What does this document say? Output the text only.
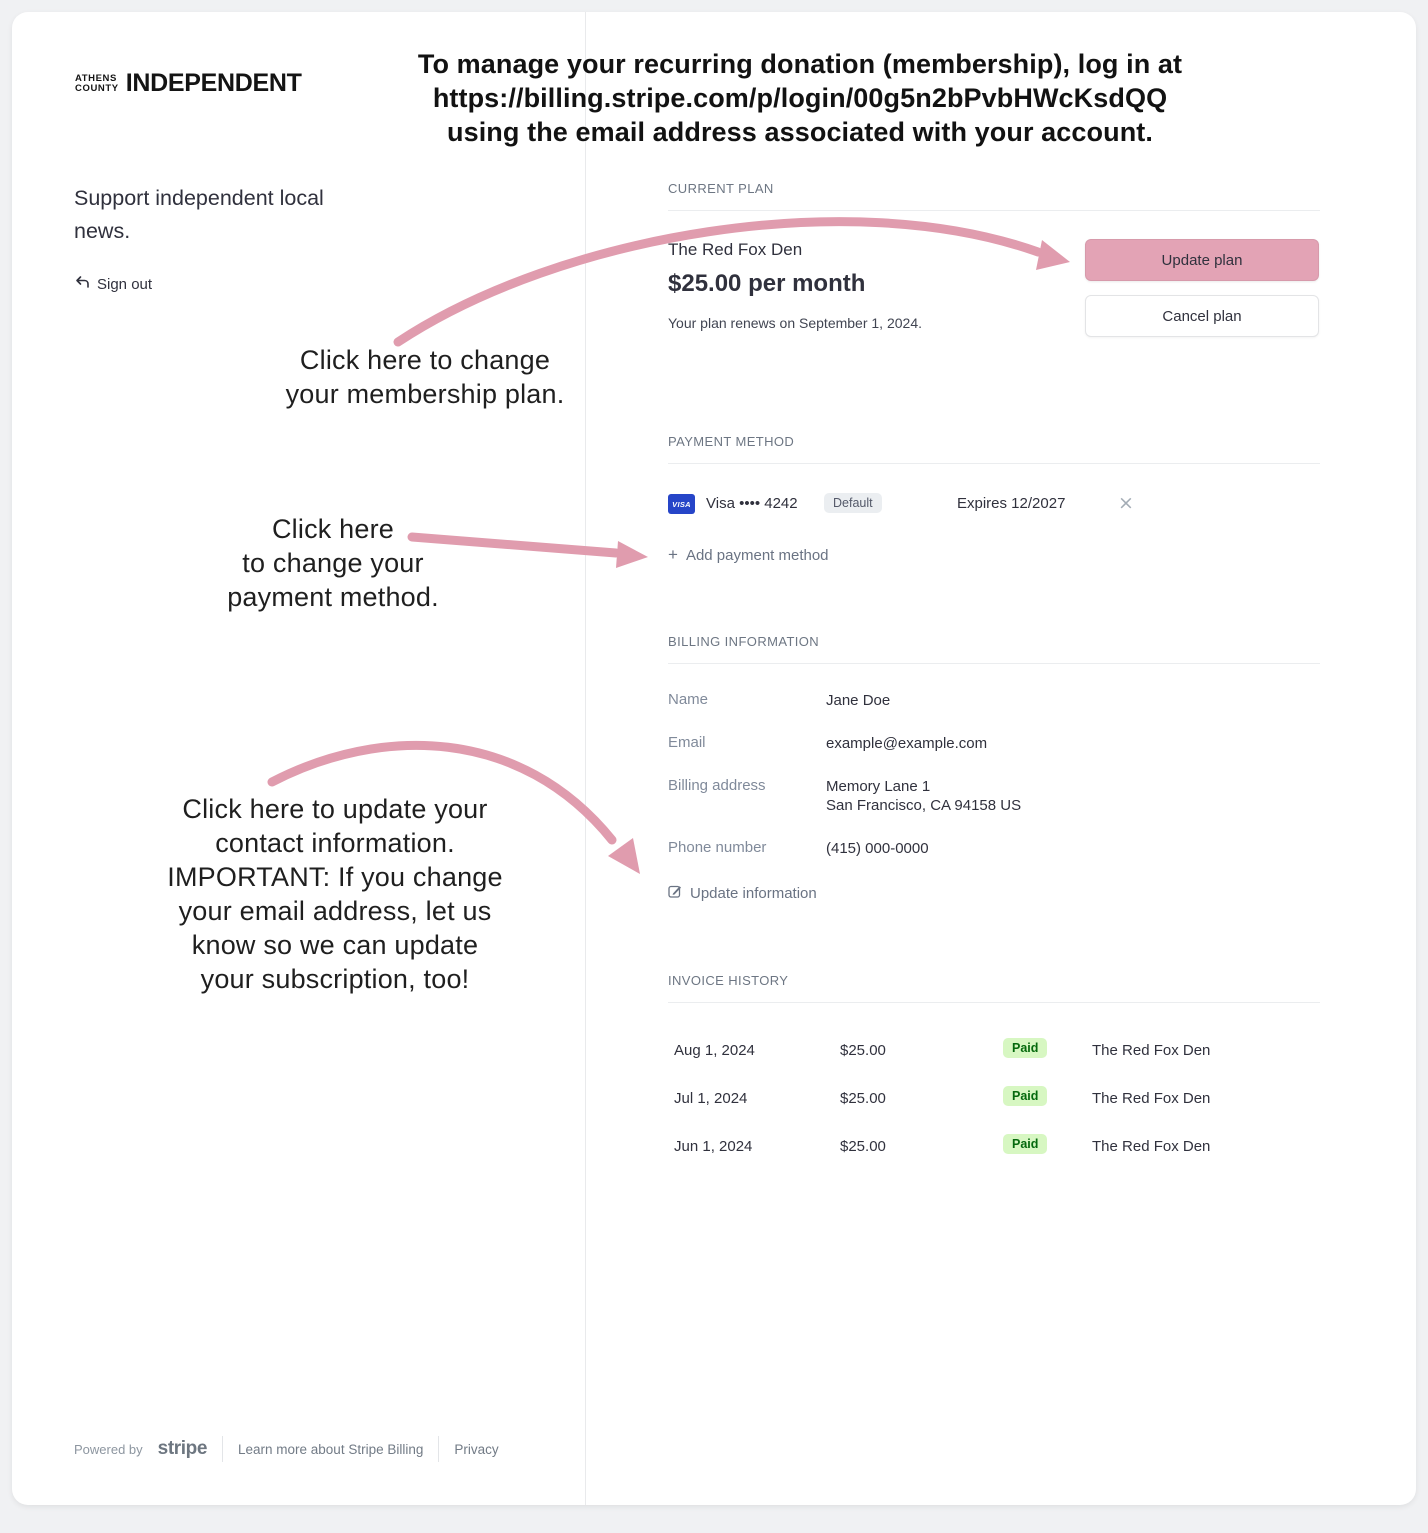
ATHENS
COUNTY INDEPENDENT
Support independent local news.
Sign out
CURRENT PLAN
The Red Fox Den
$25.00 per month
Your plan renews on September 1, 2024.
Update plan
Cancel plan
PAYMENT METHOD
VISA Visa •••• 4242	Default	Expires 12/2027	×
+ Add payment method
BILLING INFORMATION
Name	Jane Doe
Email	example@example.com
Billing address	Memory Lane 1
San Francisco, CA 94158 US
Phone number	(415) 000-0000
Update information
INVOICE HISTORY
Aug 1, 2024	$25.00	Paid	The Red Fox Den
Jul 1, 2024	$25.00	Paid	The Red Fox Den
Jun 1, 2024	$25.00	Paid	The Red Fox Den
Powered by stripe Learn more about Stripe Billing Privacy
To manage your recurring donation (membership), log in at
https://billing.stripe.com/p/login/00g5n2bPvbHWcKsdQQ
using the email address associated with your account.
Click here to change
your membership plan.
Click here
to change your
payment method.
Click here to update your
contact information.
IMPORTANT: If you change
your email address, let us
know so we can update
your subscription, too!
